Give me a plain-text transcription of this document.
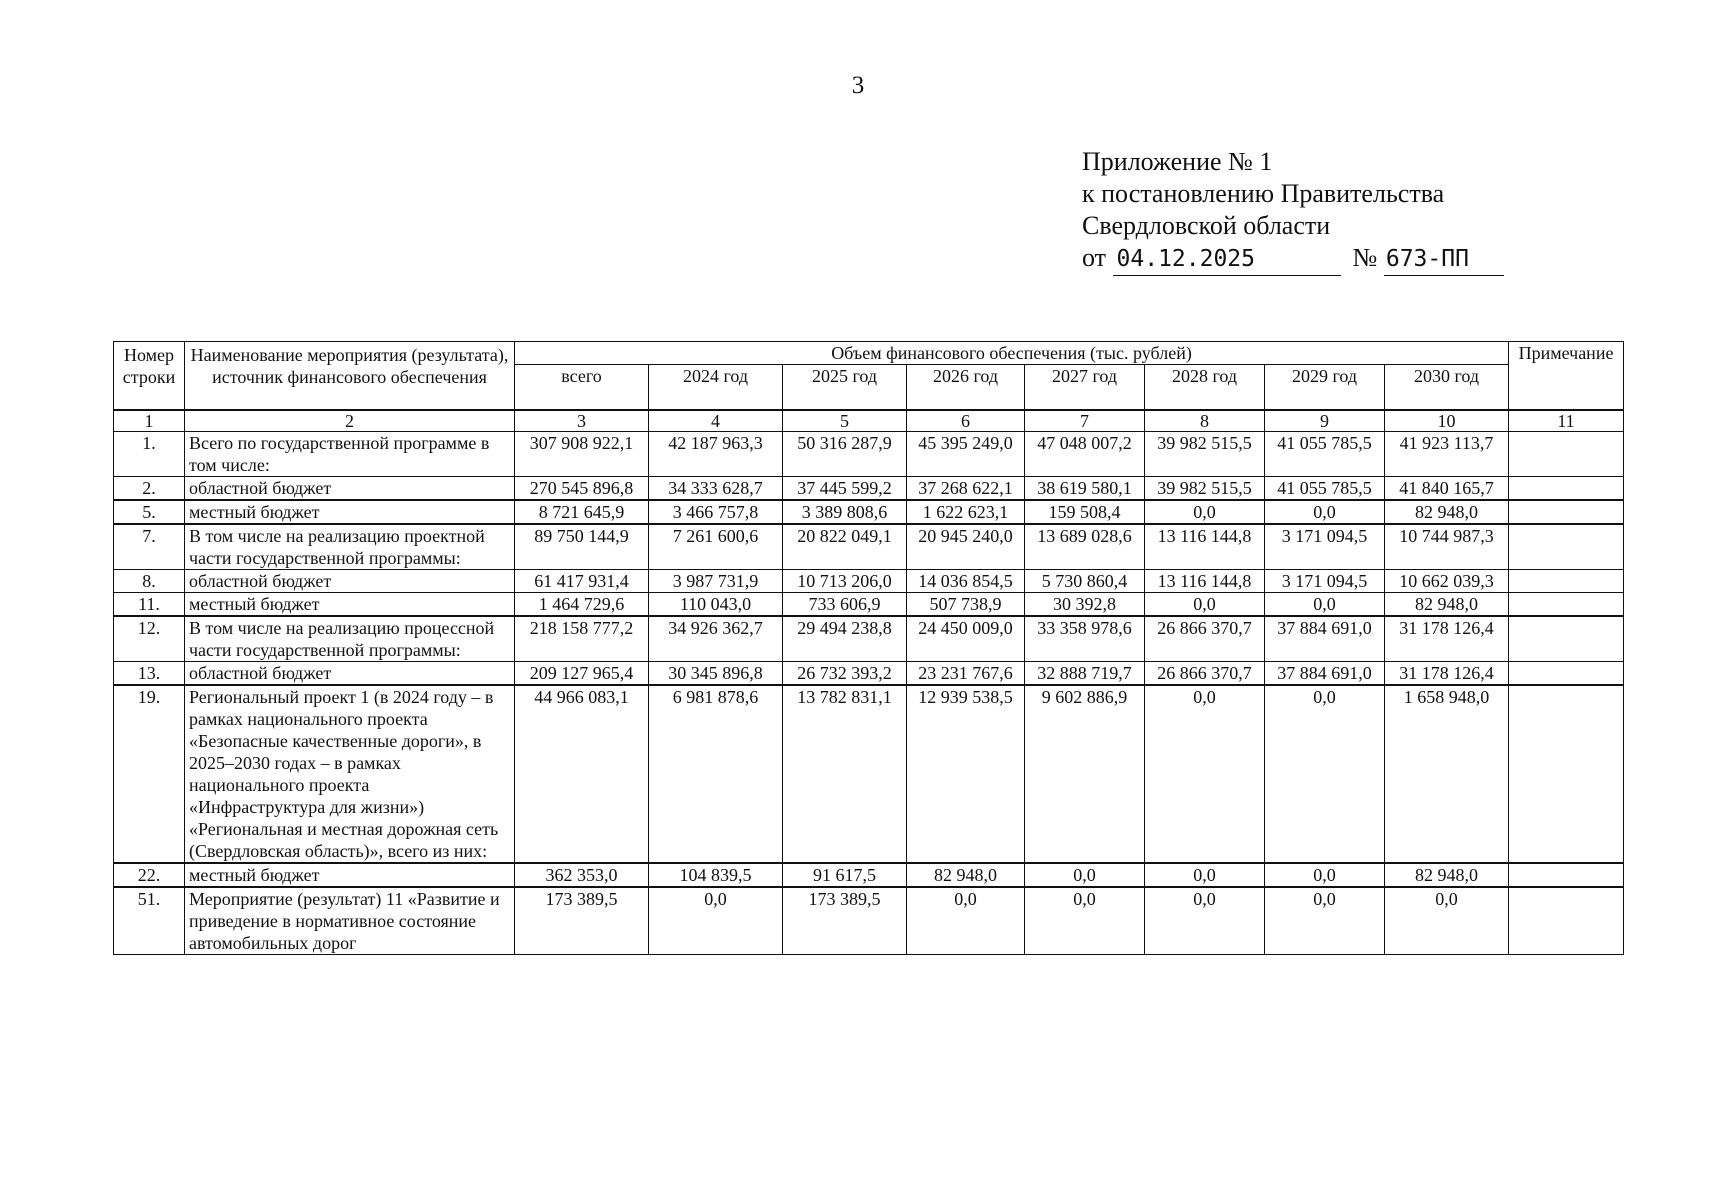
3
Приложение № 1
к постановлению Правительства
Свердловской области
от 04.12.2025	№ 673-ПП
Номер строки	Наименование мероприятия (результата), источник финансового обеспечения	Объем финансового обеспечения (тыс. рублей)								Примечание
		всего	2024 год	2025 год	2026 год	2027 год	2028 год	2029 год	2030 год	

1	2	3	4	5	6	7	8	9	10	11
1.	Всего по государственной программе в том числе:	307 908 922,1	42 187 963,3	50 316 287,9	45 395 249,0	47 048 007,2	39 982 515,5	41 055 785,5	41 923 113,7	
2.	областной бюджет	270 545 896,8	34 333 628,7	37 445 599,2	37 268 622,1	38 619 580,1	39 982 515,5	41 055 785,5	41 840 165,7	

5.	местный бюджет	8 721 645,9	3 466 757,8	3 389 808,6	1 622 623,1	159 508,4	0,0	0,0	82 948,0	

7.	В том числе на реализацию проектной части государственной программы:	89 750 144,9	7 261 600,6	20 822 049,1	20 945 240,0	13 689 028,6	13 116 144,8	3 171 094,5	10 744 987,3	
8.	областной бюджет	61 417 931,4	3 987 731,9	10 713 206,0	14 036 854,5	5 730 860,4	13 116 144,8	3 171 094,5	10 662 039,3	
11.	местный бюджет	1 464 729,6	110 043,0	733 606,9	507 738,9	30 392,8	0,0	0,0	82 948,0	

12.	В том числе на реализацию процессной части государственной программы:	218 158 777,2	34 926 362,7	29 494 238,8	24 450 009,0	33 358 978,6	26 866 370,7	37 884 691,0	31 178 126,4	
13.	областной бюджет	209 127 965,4	30 345 896,8	26 732 393,2	23 231 767,6	32 888 719,7	26 866 370,7	37 884 691,0	31 178 126,4	

19.	Региональный проект 1 (в 2024 году – в рамках национального проекта «Безопасные качественные дороги», в 2025–2030 годах – в рамках национального проекта «Инфраструктура для жизни») «Региональная и местная дорожная сеть (Свердловская область)», всего из них:	44 966 083,1	6 981 878,6	13 782 831,1	12 939 538,5	9 602 886,9	0,0	0,0	1 658 948,0	

22.	местный бюджет	362 353,0	104 839,5	91 617,5	82 948,0	0,0	0,0	0,0	82 948,0	

51.	Мероприятие (результат) 11 «Развитие и приведение в нормативное состояние автомобильных дорог	173 389,5	0,0	173 389,5	0,0	0,0	0,0	0,0	0,0	
